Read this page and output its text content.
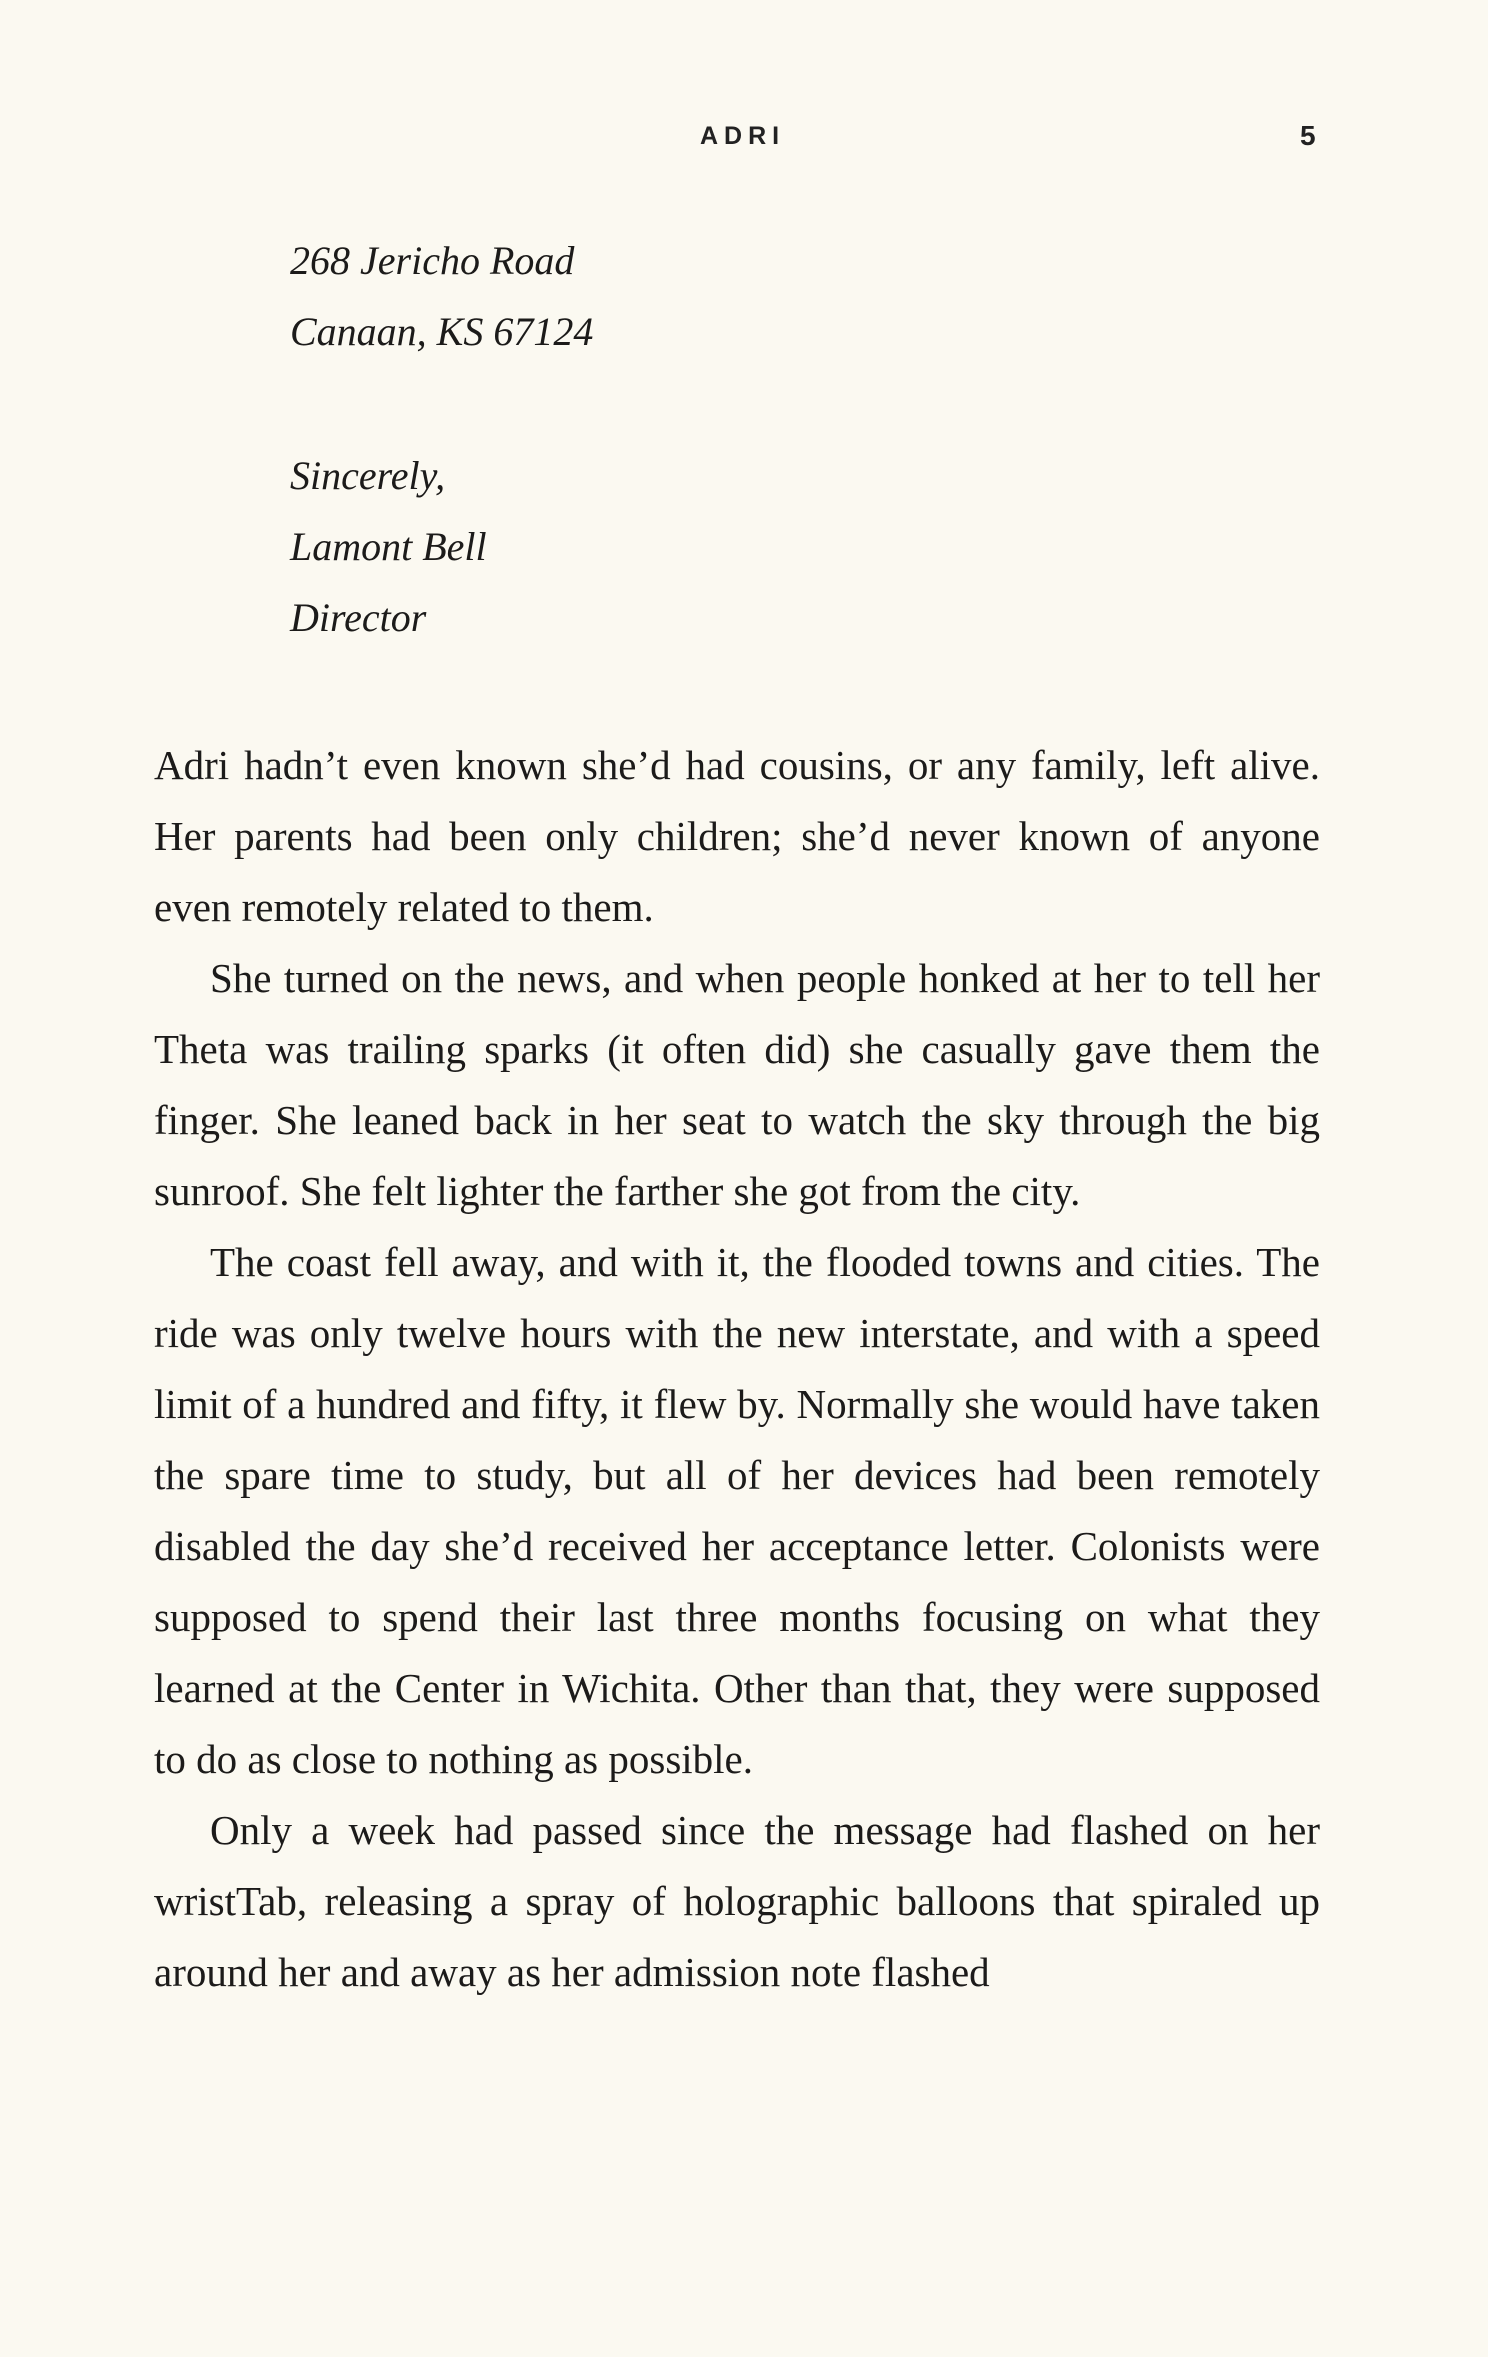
ADRI	5
268 Jericho Road
Canaan, KS 67124
Sincerely,
Lamont Bell
Director

Adri hadn’t even known she’d had cousins, or any family, left alive. Her parents had been only children; she’d never known of anyone even remotely related to them.

She turned on the news, and when people honked at her to tell her Theta was trailing sparks (it often did) she casually gave them the finger. She leaned back in her seat to watch the sky through the big sunroof. She felt lighter the farther she got from the city.

The coast fell away, and with it, the flooded towns and cities. The ride was only twelve hours with the new interstate, and with a speed limit of a hundred and fifty, it flew by. Normally she would have taken the spare time to study, but all of her devices had been remotely disabled the day she’d received her acceptance letter. Colonists were supposed to spend their last three months focusing on what they learned at the Center in Wichita. Other than that, they were supposed to do as close to nothing as possible.

Only a week had passed since the message had flashed on her wristTab, releasing a spray of holographic balloons that spiraled up around her and away as her admission note flashed
